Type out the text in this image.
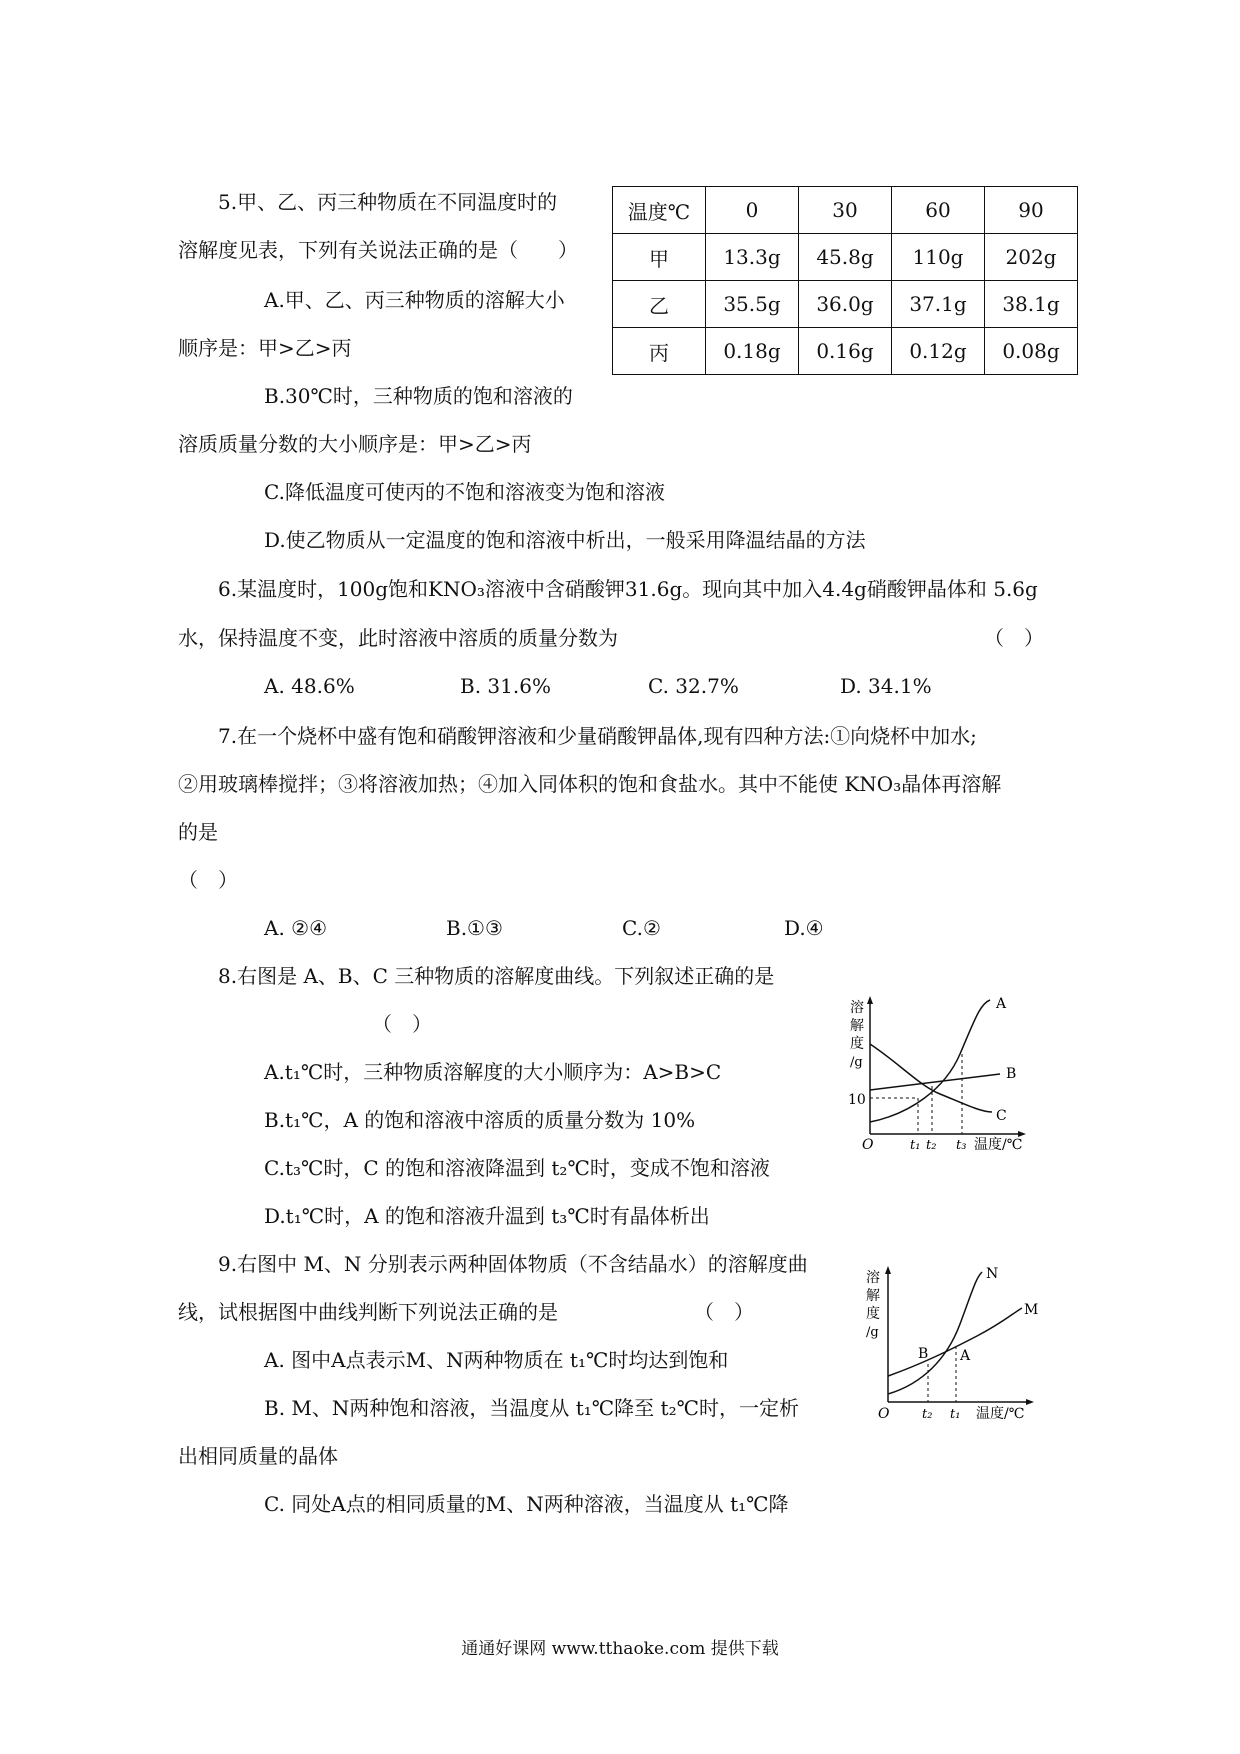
5.甲、乙、丙三种物质在不同温度时的
溶解度见表，下列有关说法正确的是（　　）
A.甲、乙、丙三种物质的溶解大小
顺序是：甲>乙>丙
B.30℃时，三种物质的饱和溶液的
溶质质量分数的大小顺序是：甲>乙>丙
C.降低温度可使丙的不饱和溶液变为饱和溶液
D.使乙物质从一定温度的饱和溶液中析出，一般采用降温结晶的方法
温度℃	0	30	60	90
甲	13.3g	45.8g	110g	202g
乙	35.5g	36.0g	37.1g	38.1g
丙	0.18g	0.16g	0.12g	0.08g
6.某温度时，100g饱和KNO₃溶液中含硝酸钾31.6g。现向其中加入4.4g硝酸钾晶体和 5.6g
水，保持温度不变，此时溶液中溶质的质量分数为	（　）
A. 48.6%	B. 31.6%	C. 32.7%	D. 34.1%
7.在一个烧杯中盛有饱和硝酸钾溶液和少量硝酸钾晶体,现有四种方法:①向烧杯中加水;
②用玻璃棒搅拌；③将溶液加热；④加入同体积的饱和食盐水。其中不能使 KNO₃晶体再溶解
的是
（　）
A. ②④	B.①③	C.②	D.④
8.右图是 A、B、C 三种物质的溶解度曲线。下列叙述正确的是
（　）
A.t₁℃时，三种物质溶解度的大小顺序为：A>B>C
B.t₁℃，A 的饱和溶液中溶质的质量分数为 10%
C.t₃℃时，C 的饱和溶液降温到 t₂℃时，变成不饱和溶液
D.t₁℃时，A 的饱和溶液升温到 t₃℃时有晶体析出
溶
解
度
/g
10
O	t₁ t₂ t₃ 温度/℃
A
B
C
9.右图中 M、N 分别表示两种固体物质（不含结晶水）的溶解度曲
线，试根据图中曲线判断下列说法正确的是	（　）
A. 图中A点表示M、N两种物质在 t₁℃时均达到饱和
B. M、N两种饱和溶液，当温度从 t₁℃降至 t₂℃时，一定析
出相同质量的晶体
C. 同处A点的相同质量的M、N两种溶液，当温度从 t₁℃降
溶
解
度
/g
O
B A
t₂ t₁ 温度/℃
N
M
通通好课网 www.tthaoke.com 提供下载
